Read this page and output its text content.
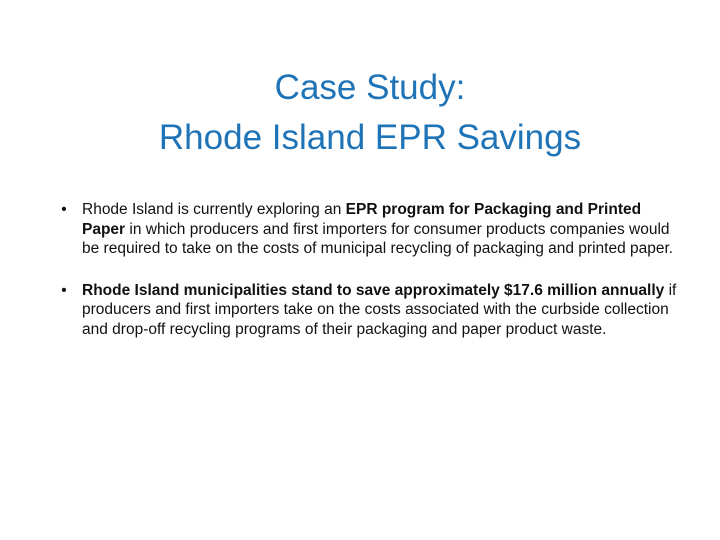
Case Study:
Rhode Island EPR Savings
• Rhode Island is currently exploring an EPR program for Packaging and Printed Paper in which producers and first importers for consumer products companies would be required to take on the costs of municipal recycling of packaging and printed paper.
• Rhode Island municipalities stand to save approximately $17.6 million annually if producers and first importers take on the costs associated with the curbside collection and drop-off recycling programs of their packaging and paper product waste.
